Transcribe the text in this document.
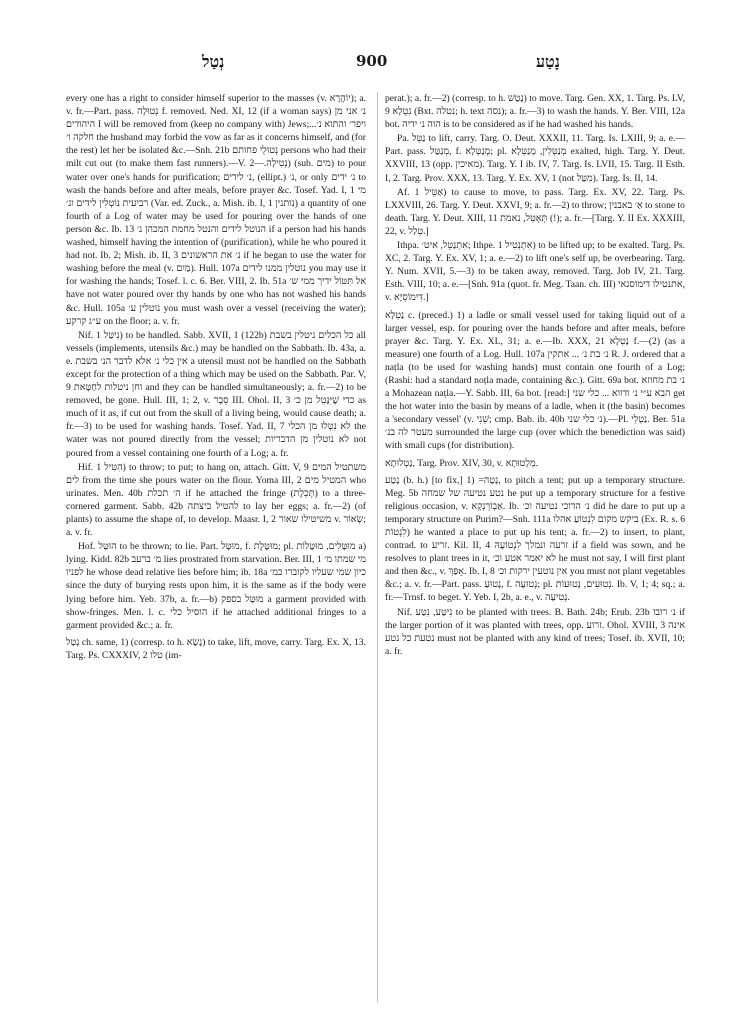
נְטַל	900	נָטַע

every one has a right to consider himself superior to the masses (v. יוֹהֲרָא); a. v. fr.—Part. pass. נְטוּלָה f. removed. Ned. XI, 12 (if a woman says) נ׳ אני מן היהודים I will be removed from (keep no company with) Jews;...ויפר׳ והתוא נ׳ חלקה ו׳ the husband may forbid the vow as far as it concerns himself, and (for the rest) let her be isolated &c.—Snh. 21b נְטוּלֵי פחותם persons who had their milt cut out (to make them fast runners).—V. נְטִילָה.—2) (sub. מים) to pour water over one's hands for purification; נ׳ לידים, (ellipt.) נ׳, or only נ׳ ידים to wash the hands before and after meals, before prayer &c. Tosef. Yad. I, 1 מי רביעית נוֹטְלִין לידים ונ׳ (Var. ed. Zuck., a. Mish. ib. I, 1 נותנין) a quantity of one fourth of a Log of water may be used for pouring over the hands of one person &c. Ib. 13 הנוטל לידים והנטל מחמת המכהן נ׳ if a person had his hands washed, himself having the intention of (purification), while he who poured it had not. Ib. 2; Mish. ib. II, 3 נ׳ את הראשונים if he began to use the water for washing before the meal (v. מַיִם). Hull. 107a נוטלין ממנו לידים you may use it for washing the hands; Tosef. l. c. 6. Ber. VIII, 2. Ib. 51a אל תִּטּוֹל ידיך ממי ש׳ have not water poured over thy hands by one who has not washed his hands &c. Hull. 105a נוטלין ע׳ you must wash over a vessel (receiving the water); ע״ג קרקע on the floor; a. v. fr.

Nif. נִיטַּל 1) to be handled. Sabb. XVII, 1 (122b) כל הכלים ניטלין בשבת all vessels (implements, utensils &c.) may be handled on the Sabbath. Ib. 43a, a. e. אין כלי נ׳ אלא לדבר הנ׳ בשבת a utensil must not be handled on the Sabbath except for the protection of a thing which may be used on the Sabbath. Par. V, 9 וחן ניטלות לחַטָּאת and they can be handled simultaneously; a. fr.—2) to be removed, be gone. Hull. III, 1; 2, v. סֵבֶר III. Ohol. II, 3 כדי שֶׁיִּנָּטֵל מן כ׳ as much of it as, if cut out from the skull of a living being, would cause death; a. fr.—3) to be used for washing hands. Tosef. Yad. II, 7 לא נִטְּלוּ מן הכלי the water was not poured directly from the vessel; לא נוטלין מן הדבריות not poured from a vessel containing one fourth of a Log; a. fr.

Hif. הִטִּיל 1) to throw; to put; to hang on, attach. Gitt. V, 9 משתטיל המים לים from the time she pours water on the flour. Yoma III, 2 המטיל מים who urinates. Men. 40b ה׳ תכלת if he attached the fringe (תְּכֵלֶת) to a three-cornered garment. Sabb. 42b להטיל ביצתה to lay her eggs; a. fr.—2) (of plants) to assume the shape of, to develop. Maasr. I, 2 משיטילו שאור v. שְׂאוֹר; a. v. fr.

Hof. הוּטַּל to be thrown; to lie. Part. מוּטָּל, f. מוּטֶּלֶת; pl. מוּטָּלִים, מוּטָּלוֹת a) lying. Kidd. 82b מ׳ ברעב lies prostrated from starvation. Ber. III, 1 מי שמתו מ׳ לפניו he whose dead relative lies before him; ib. 18a כיון שמי שעליו לקוברו כמ׳ since the duty of burying rests upon him, it is the same as if the body were lying before him. Yeb. 37b, a. fr.—b) מוּטָּל בספק a garment provided with show-fringes. Men. l. c. הוסיל כלי if he attached additional fringes to a garment provided &c.; a. fr.

נְטַל ch. same, 1) (corresp. to h. נָשָׂא) to take, lift, move, carry. Targ. Ex. X, 13. Targ. Ps. CXXXIV, 2 טלו (im-

perat.); a. fr.—2) (corresp. to h. נָטַשׁ) to move. Targ. Gen. XX, 1. Targ. Ps. LV, 9 נִטְלָא (Bxt. נטלה; h. text נסה); a. fr.—3) to wash the hands. Y. Ber. VIII, 12a bot. הוה נ׳ ידיה is to be considered as if he had washed his hands.

Pa. נַטֵּל to lift, carry. Targ. O. Deut. XXXII, 11. Targ. Is. LXIII, 9; a. e.—Part. pass. מְנַטַּל, f. מְנַטְּלָא; pl. מְנַטְּלִין, מְנַטְּלָא exalted, high. Targ. Y. Deut. XXVIII, 13 (opp. מאיכין). Targ. Y. I ib. IV, 7. Targ. Is. LVII, 15. Targ. II Esth. I, 2. Targ. Prov. XXX, 13. Targ. Y. Ex. XV, 1 (not מִטַּל). Targ. Is. II, 14.

Af. אַטֵּיל 1) to cause to move, to pass. Targ. Ex. XV, 22. Targ. Ps. LXXVIII, 26. Targ. Y. Deut. XXVI, 9; a. fr.—2) to throw; אַ׳ באבנין to stone to death. Targ. Y. Deut. XIII, 11 תְּאָטֵּל, נאמת (!); a. fr.—[Targ. Y. II Ex. XXXIII, 22, v. טְלַל.]

Ithpa. אִתְנַטֵּל, איט׳; Ithpe. אִתְנְטִיל 1) to be lifted up; to be exalted. Targ. Ps. XC, 2. Targ. Y. Ex. XV, 1; a. e.—2) to lift one's self up, be overbearing. Targ. Y. Num. XVII, 5.—3) to be taken away, removed. Targ. Job IV, 21. Targ. Esth. VIII, 10; a. e.—[Snh. 91a (quot. fr. Meg. Taan. ch. III) אתנטילו דימוסנאי, v. דִּימוֹסְיָא.]

נַטְלָא c. (preced.) 1) a ladle or small vessel used for taking liquid out of a larger vessel, esp. for pouring over the hands before and after meals, before prayer &c. Targ. Y. Ex. XL, 31; a. e.—Ib. XXX, 21 נַטְלָא f.—(2) (as a measure) one fourth of a Log. Hull. 107a נ׳ בת נ׳ ... אתקין R. J. ordered that a naṭla (to be used for washing hands) must contain one fourth of a Log; (Rashi: had a standard noṭla made, containing &c.). Gitt. 69a bot. נ׳ בת מחוזא a Mohazean naṭla.—Y. Sabb. III, 6a bot. [read:] הבא ע״י נ׳ ודווא ... כלי שני get the hot water into the basin by means of a ladle, when it (the basin) becomes a 'secondary vessel' (v. שֵׁנִי; cmp. Bab. ib. 40b נ׳ כלי שני).—Pl. נַטְלֵי. Ber. 51a מעטר לה בנ׳ surrounded the large cup (over which the benediction was said) with small cups (for distribution).

נַטְלוּתָא, Targ. Prov. XIV, 30, v. מְלָטוּתָא.

נָטַע (b. h.) [to fix,] 1) =נָטָה, to pitch a tent; put up a temporary structure. Meg. 5b נטע נטיעה של שמחה he put up a temporary structure for a festive religious occasion, v. אַבְוֹרְנְקָא. Ib. נ׳ הדוכי נטיעה וכ׳ did he dare to put up a temporary structure on Purim?—Snh. 111a ביקש מקום לִנְטוֹעַ אהלו (Ex. R. s. 6 לִנְטוֹת) he wanted a place to put up his tent; a. fr.—2) to insert, to plant, contrad. to זריע. Kil. II, 4 זרעה ונמלך לִנְטוֹעָהּ if a field was sown, and he resolves to plant trees in it, לא יאמר אטע וכ׳ he must not say, I will first plant and then &c., v. אָפַךְ. Ib. I, 8 אין נוטעין ירקות וכ׳ you must not plant vegetables &c.; a. v. fr.—Part. pass. נָטוּעַ, f. נְטוּעָה; pl. נְטוּעִים, נְטוּעוֹת. Ib. V, 1; 4; sq.; a. fr.—Trnsf. to beget. Y. Yeb. I, 2b, a. e., v. נְטִיעָה.

Nif. נִיטַּע, נִטַּע to be planted with trees. B. Bath. 24b; Erub. 23b נ׳ רובו if the larger portion of it was planted with trees, opp. זרוע. Ohol. XVIII, 3 אינה נטעת כל נטע must not be planted with any kind of trees; Tosef. ib. XVII, 10; a. fr.
